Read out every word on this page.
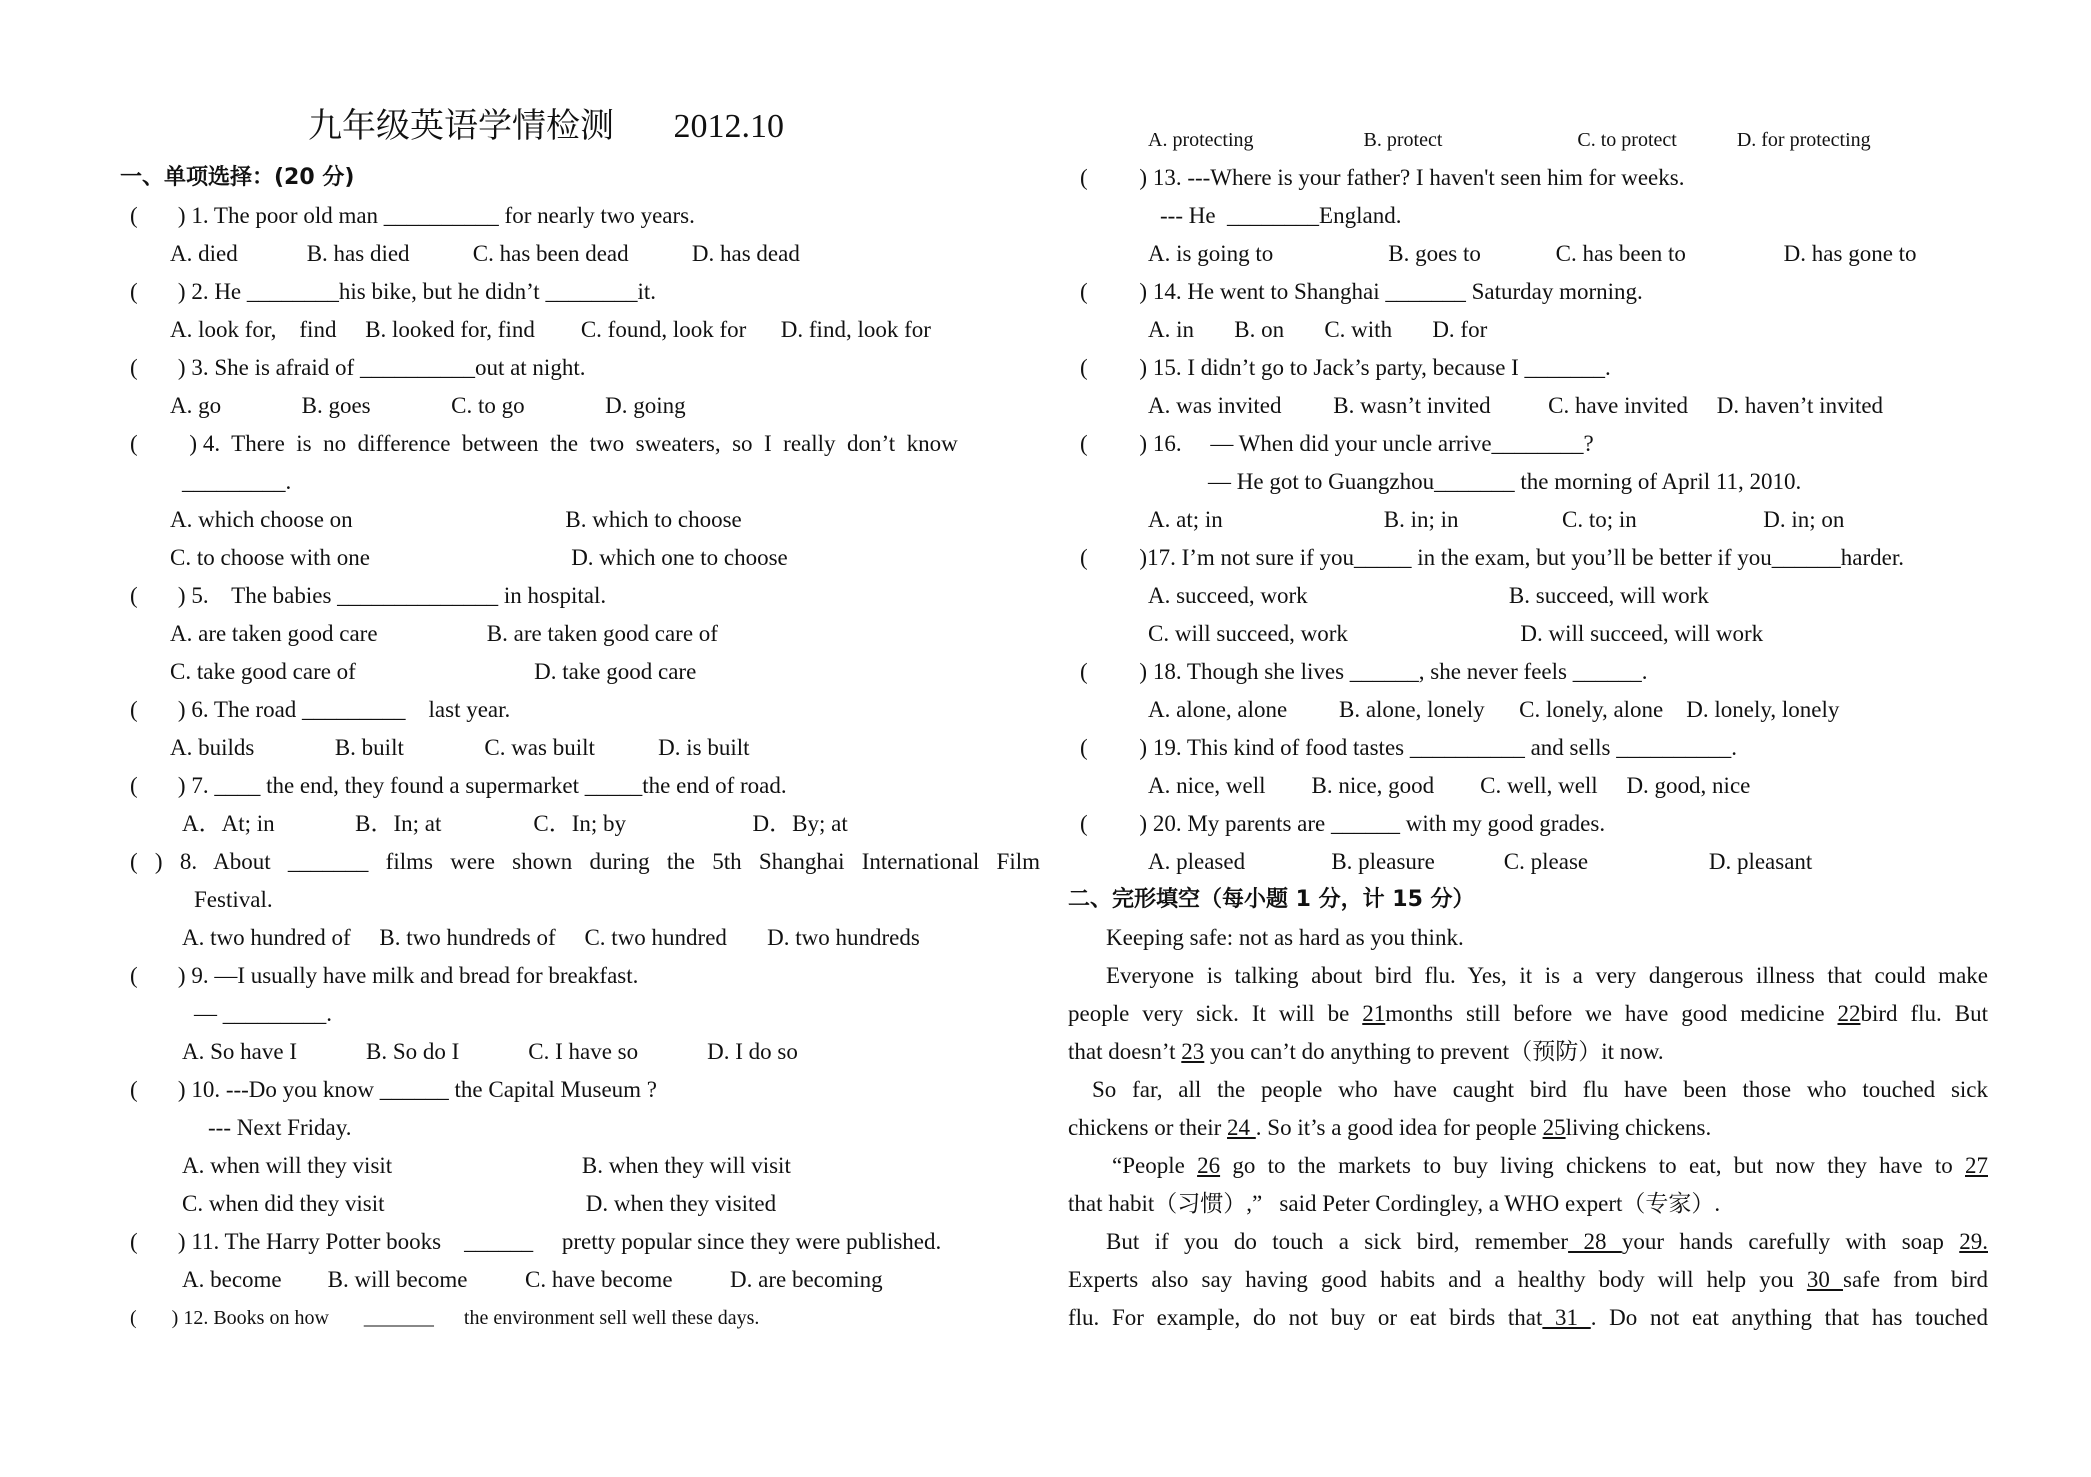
九年级英语学情检测       2012.10
一、单项选择：(20 分)
(       ) 1. The poor old man __________ for nearly two years.
A. died            B. has died           C. has been dead           D. has dead
(       ) 2. He ________his bike, but he didn’t ________it.
A. look for,    find     B. looked for, find        C. found, look for      D. find, look for
(       ) 3. She is afraid of __________out at night.
A. go              B. goes              C. to go              D. going
(         ) 4.  There  is  no  difference  between  the  two  sweaters,  so  I  really  don’t  know
_________.
A. which choose on                                     B. which to choose
C. to choose with one                                   D. which one to choose
(       ) 5.    The babies ______________ in hospital.
A. are taken good care                   B. are taken good care of
C. take good care of                               D. take good care
(       ) 6. The road _________    last year.
A. builds              B. built              C. was built           D. is built
(       ) 7. ____ the end, they found a supermarket _____the end of road.
A．At; in              B．In; at                C．In; by                      D．By; at
( ) 8. About _______ films were shown during the 5th Shanghai International Film
Festival.
A. two hundred of     B. two hundreds of     C. two hundred       D. two hundreds
(       ) 9. —I usually have milk and bread for breakfast.
— _________.
A. So have I            B. So do I            C. I have so            D. I do so
(       ) 10. ---Do you know ______ the Capital Museum ?
--- Next Friday.
A. when will they visit                                 B. when they will visit
C. when did they visit                                   D. when they visited
(       ) 11. The Harry Potter books    ______     pretty popular since they were published.
A. become        B. will become          C. have become          D. are becoming
(       ) 12. Books on how       _______      the environment sell well these days.
A. protecting                      B. protect                           C. to protect            D. for protecting
(         ) 13. ---Where is your father? I haven't seen him for weeks.
--- He  ________England.
A. is going to                    B. goes to             C. has been to                 D. has gone to
(         ) 14. He went to Shanghai _______ Saturday morning.
A. in       B. on       C. with       D. for
(         ) 15. I didn’t go to Jack’s party, because I _______.
A. was invited         B. wasn’t invited          C. have invited     D. haven’t invited
(         ) 16.     — When did your uncle arrive________?
— He got to Guangzhou_______ the morning of April 11, 2010.
A. at; in                            B. in; in                  C. to; in                      D. in; on
(         )17. I’m not sure if you_____ in the exam, but you’ll be better if you______harder.
A. succeed, work                                   B. succeed, will work
C. will succeed, work                              D. will succeed, will work
(         ) 18. Though she lives ______, she never feels ______.
A. alone, alone         B. alone, lonely      C. lonely, alone    D. lonely, lonely
(         ) 19. This kind of food tastes __________ and sells __________.
A. nice, well        B. nice, good        C. well, well     D. good, nice
(         ) 20. My parents are ______ with my good grades.
A. pleased               B. pleasure            C. please                     D. pleasant
二、完形填空（每小题 1 分，计 15 分）
Keeping safe: not as hard as you think.
Everyone is talking about bird flu. Yes, it is a very dangerous illness that could make
people very sick. It will be 21months still before we have good medicine 22bird flu. But
that doesn’t 23 you can’t do anything to prevent（预防）it now.
So far, all the people who have caught bird flu have been those who touched sick
chickens or their 24 . So it’s a good idea for people 25living chickens.
“People 26 go to the markets to buy living chickens to eat, but now they have to 27
that habit（习惯）,”   said Peter Cordingley, a WHO expert（专家）.
But if you do touch a sick bird, remember 28 your hands carefully with soap 29.
Experts also say having good habits and a healthy body will help you 30 safe from bird
flu. For example, do not buy or eat birds that 31 . Do not eat anything that has touched
